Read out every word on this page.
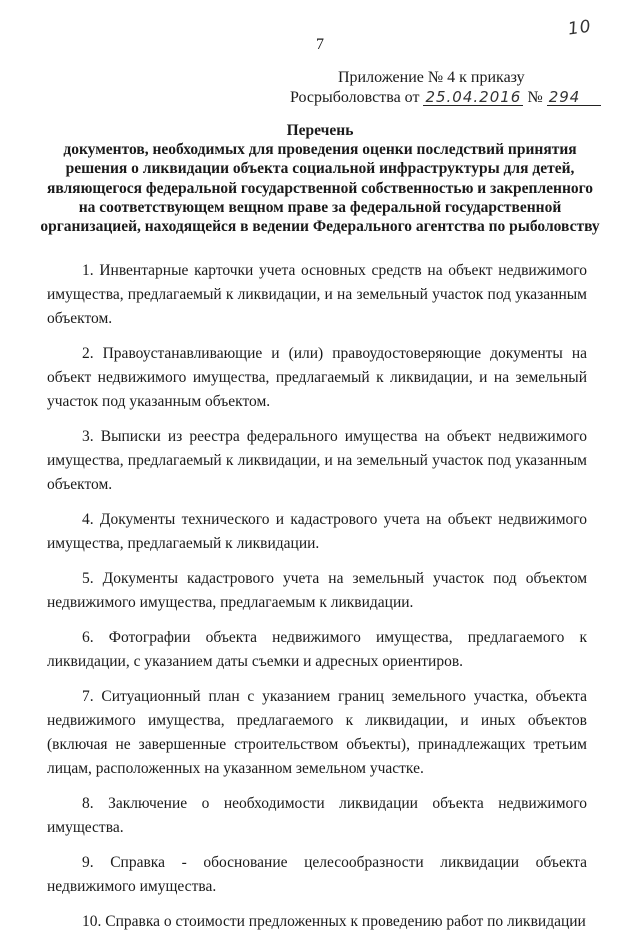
10
7
Приложение № 4 к приказу
Росрыболовства от 25.04.2016 № 294
Перечень
документов, необходимых для проведения оценки последствий принятия решения о ликвидации объекта социальной инфраструктуры для детей, являющегося федеральной государственной собственностью и закрепленного на соответствующем вещном праве за федеральной государственной организацией, находящейся в ведении Федерального агентства по рыболовству

1. Инвентарные карточки учета основных средств на объект недвижимого имущества, предлагаемый к ликвидации, и на земельный участок под указанным объектом.

2. Правоустанавливающие и (или) правоудостоверяющие документы на объект недвижимого имущества, предлагаемый к ликвидации, и на земельный участок под указанным объектом.

3. Выписки из реестра федерального имущества на объект недвижимого имущества, предлагаемый к ликвидации, и на земельный участок под указанным объектом.

4. Документы технического и кадастрового учета на объект недвижимого имущества, предлагаемый к ликвидации.

5. Документы кадастрового учета на земельный участок под объектом недвижимого имущества, предлагаемым к ликвидации.

6. Фотографии объекта недвижимого имущества, предлагаемого к ликвидации, с указанием даты съемки и адресных ориентиров.

7. Ситуационный план с указанием границ земельного участка, объекта недвижимого имущества, предлагаемого к ликвидации, и иных объектов (включая не завершенные строительством объекты), принадлежащих третьим лицам, расположенных на указанном земельном участке.

8. Заключение о необходимости ликвидации объекта недвижимого имущества.

9. Справка - обоснование целесообразности ликвидации объекта недвижимого имущества.

10. Справка о стоимости предложенных к проведению работ по ликвидации
